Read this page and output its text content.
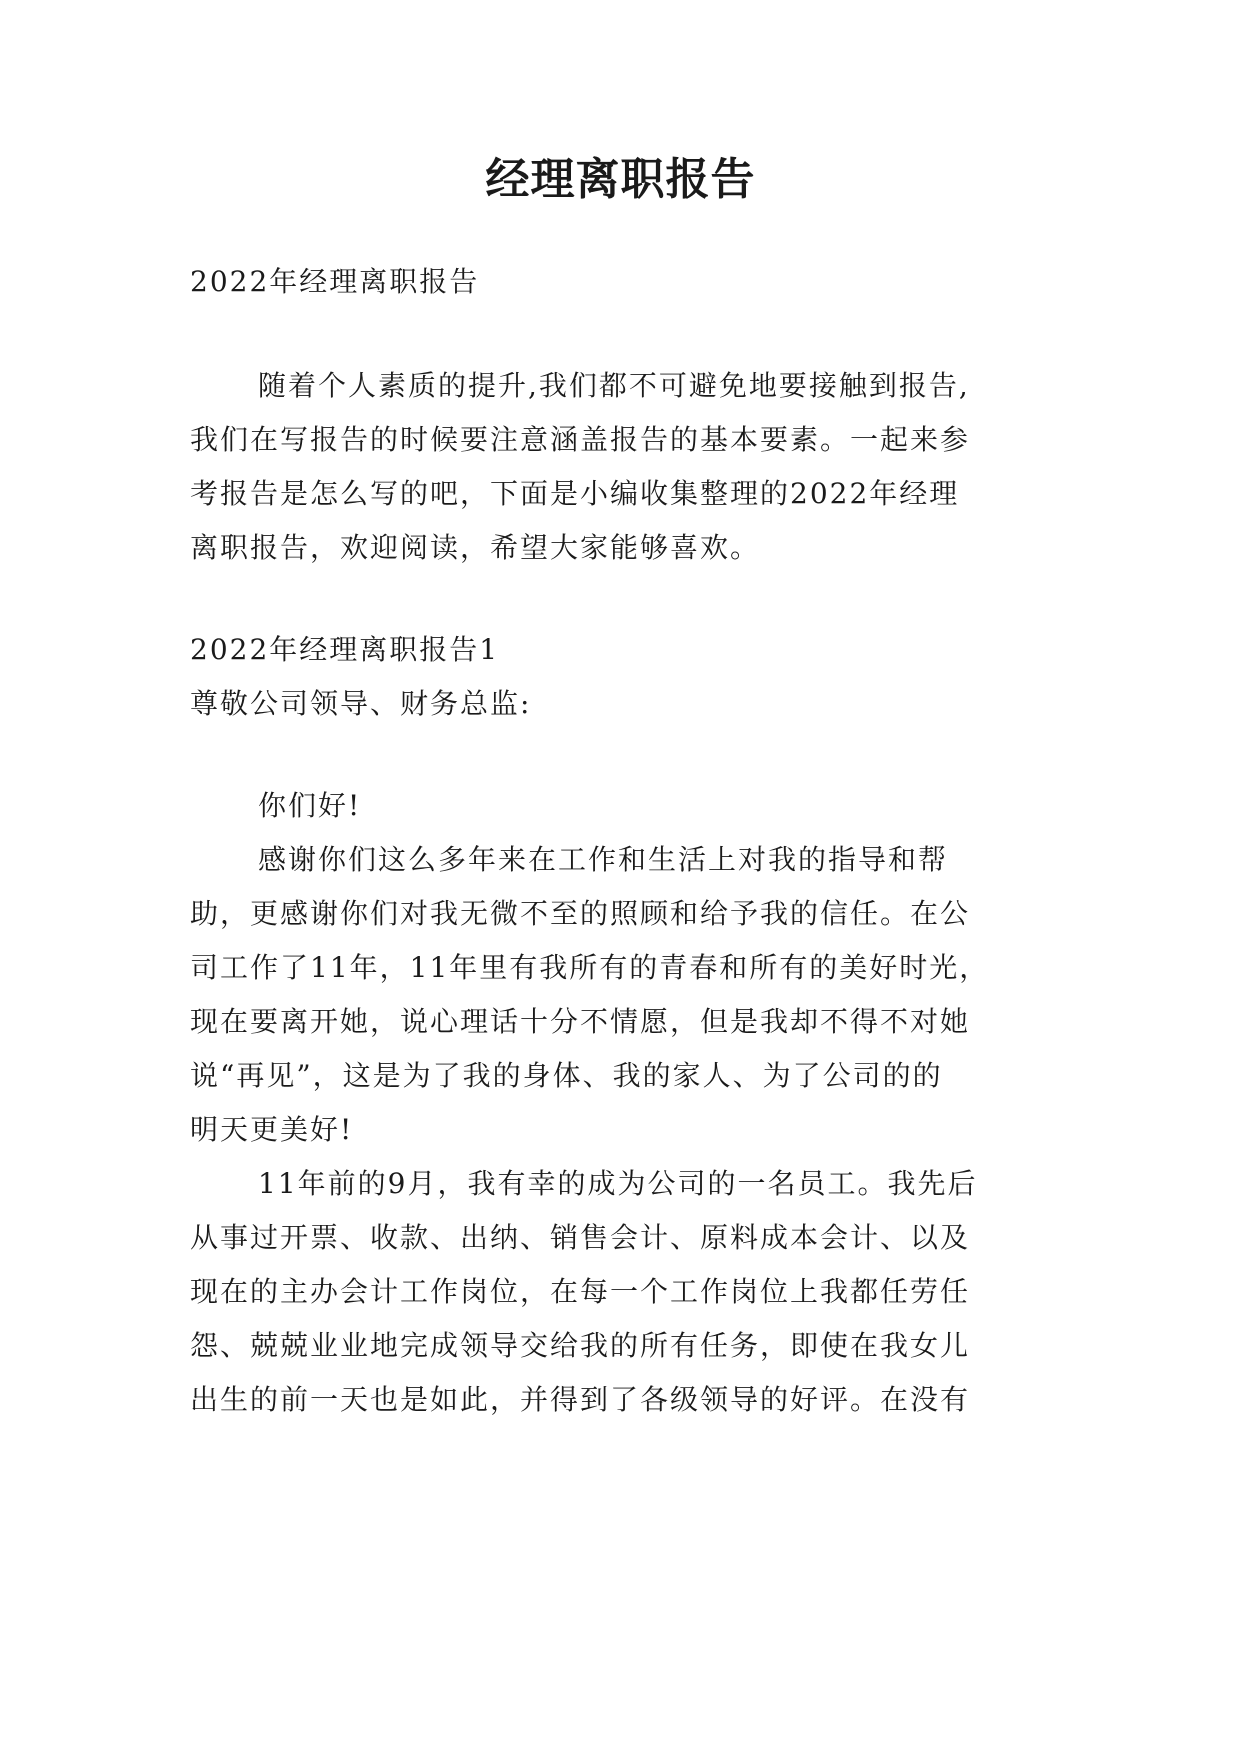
经理离职报告
2022年经理离职报告
随着个人素质的提升,我们都不可避免地要接触到报告,
我们在写报告的时候要注意涵盖报告的基本要素。一起来参
考报告是怎么写的吧，下面是小编收集整理的2022年经理
离职报告，欢迎阅读，希望大家能够喜欢。
2022年经理离职报告1
尊敬公司领导、财务总监:
你们好!
感谢你们这么多年来在工作和生活上对我的指导和帮
助，更感谢你们对我无微不至的照顾和给予我的信任。在公
司工作了11年，11年里有我所有的青春和所有的美好时光，
现在要离开她，说心理话十分不情愿，但是我却不得不对她
说“再见”，这是为了我的身体、我的家人、为了公司的的
明天更美好!
11年前的9月，我有幸的成为公司的一名员工。我先后
从事过开票、收款、出纳、销售会计、原料成本会计、以及
现在的主办会计工作岗位，在每一个工作岗位上我都任劳任
怨、兢兢业业地完成领导交给我的所有任务，即使在我女儿
出生的前一天也是如此，并得到了各级领导的好评。在没有
